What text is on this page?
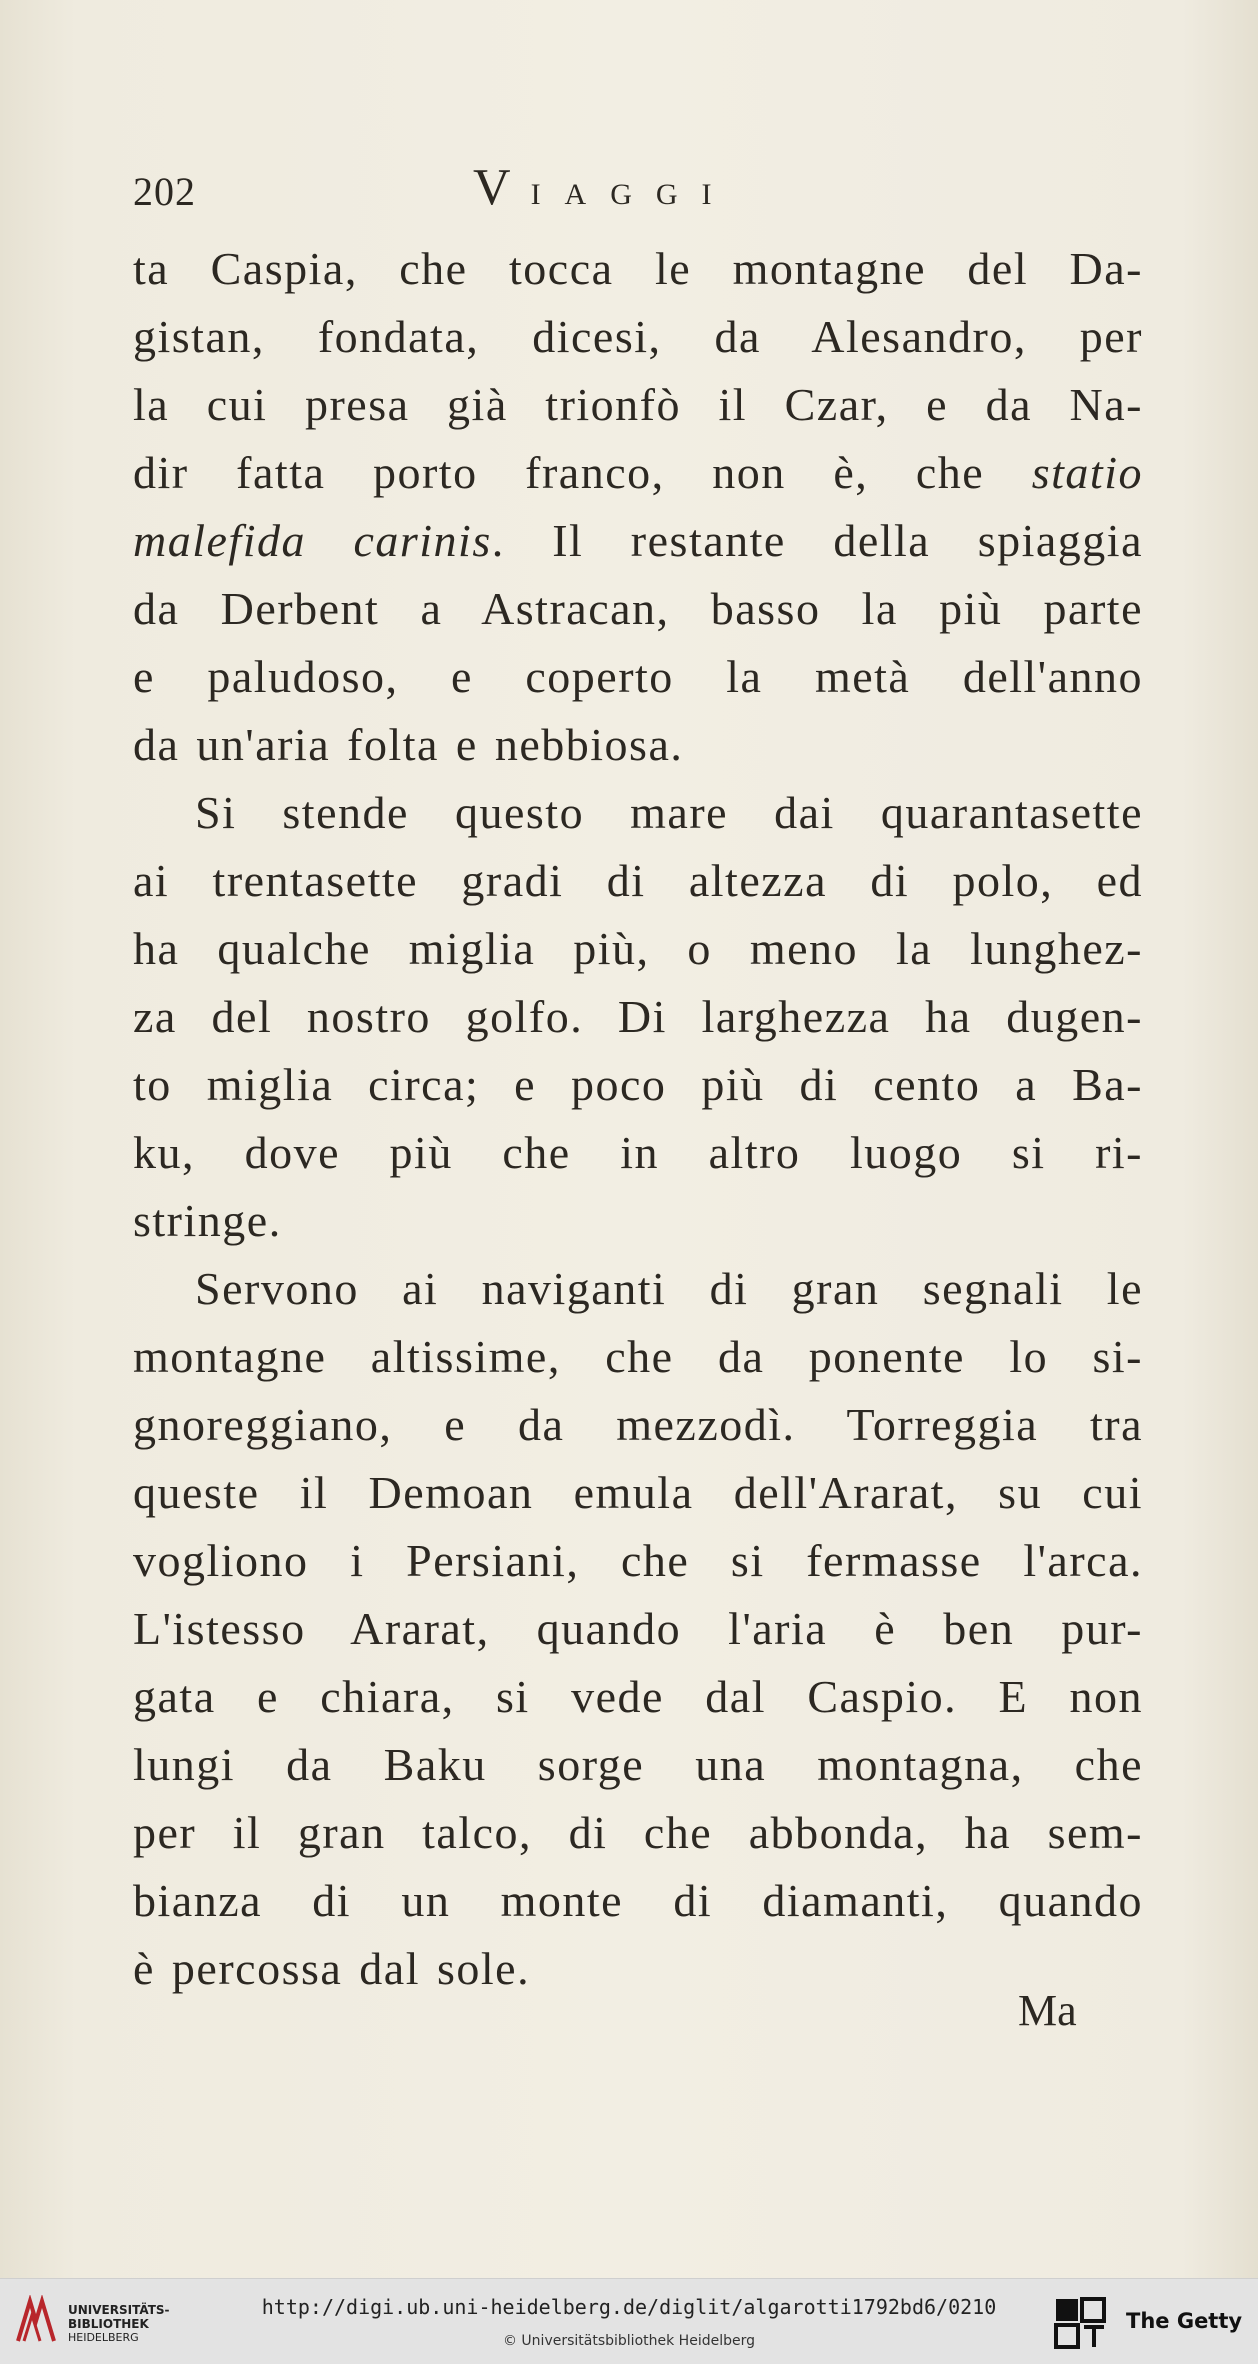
202	VIAGGI
ta Caspia, che tocca le montagne del Da-
gistan, fondata, dicesi, da Alesandro, per
la cui presa già trionfò il Czar, e da Na-
dir fatta porto franco, non è, che statio
malefida carinis. Il restante della spiaggia
da Derbent a Astracan, basso la più parte
e paludoso, e coperto la metà dell'anno
da un'aria folta e nebbiosa.
Si stende questo mare dai quarantasette
ai trentasette gradi di altezza di polo, ed
ha qualche miglia più, o meno la lunghez-
za del nostro golfo. Di larghezza ha dugen-
to miglia circa; e poco più di cento a Ba-
ku, dove più che in altro luogo si ri-
stringe.
Servono ai naviganti di gran segnali le
montagne altissime, che da ponente lo si-
gnoreggiano, e da mezzodì. Torreggia tra
queste il Demoan emula dell'Ararat, su cui
vogliono i Persiani, che si fermasse l'arca.
L'istesso Ararat, quando l'aria è ben pur-
gata e chiara, si vede dal Caspio. E non
lungi da Baku sorge una montagna, che
per il gran talco, di che abbonda, ha sem-
bianza di un monte di diamanti, quando
è percossa dal sole.
Ma
UNIVERSITÄTS-
BIBLIOTHEK
HEIDELBERG
http://digi.ub.uni-heidelberg.de/diglit/algarotti1792bd6/0210
© Universitätsbibliothek Heidelberg
The Getty
